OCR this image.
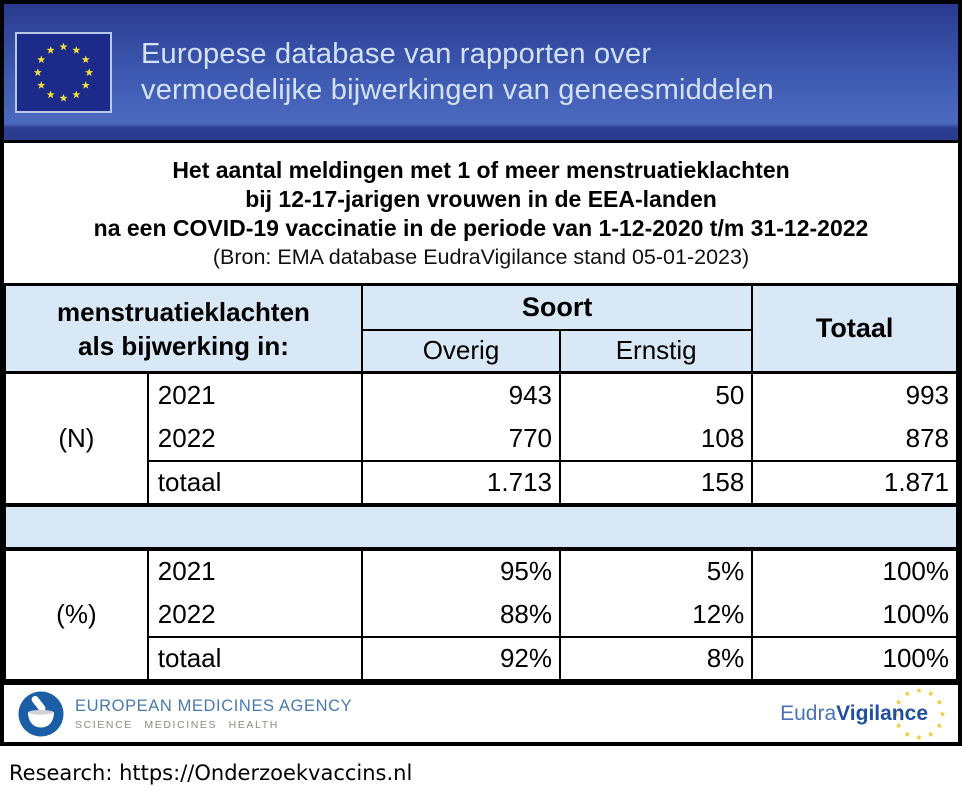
Europese database van rapporten over
vermoedelijke bijwerkingen van geneesmiddelen
Het aantal meldingen met 1 of meer menstruatieklachten
bij 12-17-jarigen vrouwen in de EEA-landen
na een COVID-19 vaccinatie in de periode van 1-12-2020 t/m 31-12-2022
(Bron: EMA database EudraVigilance stand 05-01-2023)
menstruatieklachten
als bijwerking in:		Soort		Totaal
		Overig	Ernstig	
(N)	2021	943	50	993
	2022	770	108	878
	totaal	1.713	158	1.871

(%)	2021	95%	5%	100%
	2022	88%	12%	100%
	totaal	92%	8%	100%
EUROPEAN MEDICINES AGENCY
SCIENCE MEDICINES HEALTH	EudraVigilance
Research: https://Onderzoekvaccins.nl
